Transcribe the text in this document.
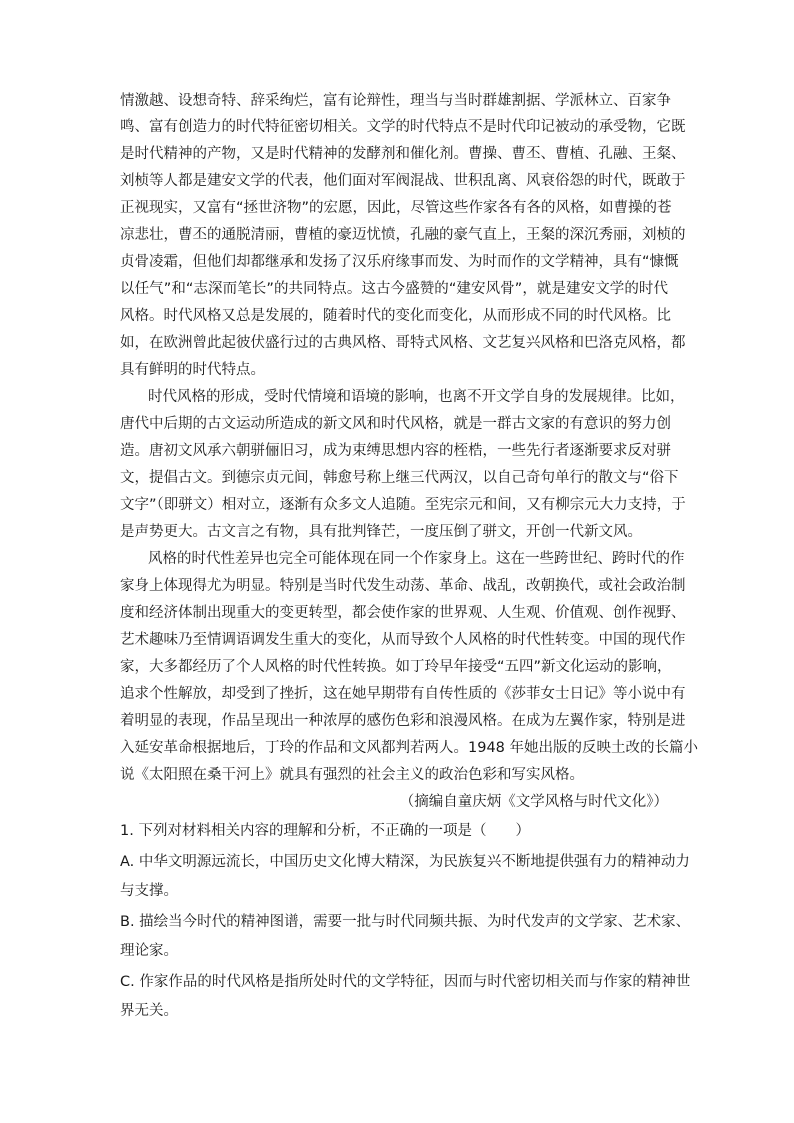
情激越、设想奇特、辞采绚烂，富有论辩性，理当与当时群雄割据、学派林立、百家争
鸣、富有创造力的时代特征密切相关。文学的时代特点不是时代印记被动的承受物，它既
是时代精神的产物，又是时代精神的发酵剂和催化剂。曹操、曹丕、曹植、孔融、王粲、
刘桢等人都是建安文学的代表，他们面对军阀混战、世积乱离、风衰俗怨的时代，既敢于
正视现实，又富有“拯世济物”的宏愿，因此，尽管这些作家各有各的风格，如曹操的苍
凉悲壮，曹丕的通脱清丽，曹植的豪迈忧愤，孔融的豪气直上，王粲的深沉秀丽，刘桢的
贞骨凌霜，但他们却都继承和发扬了汉乐府缘事而发、为时而作的文学精神，具有“慷慨
以任气”和“志深而笔长”的共同特点。这古今盛赞的“建安风骨”，就是建安文学的时代
风格。时代风格又总是发展的，随着时代的变化而变化，从而形成不同的时代风格。比
如，在欧洲曾此起彼伏盛行过的古典风格、哥特式风格、文艺复兴风格和巴洛克风格，都
具有鲜明的时代特点。
时代风格的形成，受时代情境和语境的影响，也离不开文学自身的发展规律。比如，
唐代中后期的古文运动所造成的新文风和时代风格，就是一群古文家的有意识的努力创
造。唐初文风承六朝骈俪旧习，成为束缚思想内容的桎梏，一些先行者逐渐要求反对骈
文，提倡古文。到德宗贞元间，韩愈号称上继三代两汉，以自己奇句单行的散文与“俗下
文字”（即骈文）相对立，逐渐有众多文人追随。至宪宗元和间，又有柳宗元大力支持，于
是声势更大。古文言之有物，具有批判锋芒，一度压倒了骈文，开创一代新文风。
风格的时代性差异也完全可能体现在同一个作家身上。这在一些跨世纪、跨时代的作
家身上体现得尤为明显。特别是当时代发生动荡、革命、战乱，改朝换代，或社会政治制
度和经济体制出现重大的变更转型，都会使作家的世界观、人生观、价值观、创作视野、
艺术趣味乃至情调语调发生重大的变化，从而导致个人风格的时代性转变。中国的现代作
家，大多都经历了个人风格的时代性转换。如丁玲早年接受“五四”新文化运动的影响，
追求个性解放，却受到了挫折，这在她早期带有自传性质的《莎菲女士日记》等小说中有
着明显的表现，作品呈现出一种浓厚的感伤色彩和浪漫风格。在成为左翼作家，特别是进
入延安革命根据地后，丁玲的作品和文风都判若两人。1948 年她出版的反映土改的长篇小
说《太阳照在桑干河上》就具有强烈的社会主义的政治色彩和写实风格。
（摘编自童庆炳《文学风格与时代文化》）
1. 下列对材料相关内容的理解和分析，不正确的一项是（　　）
A. 中华文明源远流长，中国历史文化博大精深，为民族复兴不断地提供强有力的精神动力
与支撑。
B. 描绘当今时代的精神图谱，需要一批与时代同频共振、为时代发声的文学家、艺术家、
理论家。
C. 作家作品的时代风格是指所处时代的文学特征，因而与时代密切相关而与作家的精神世
界无关。
